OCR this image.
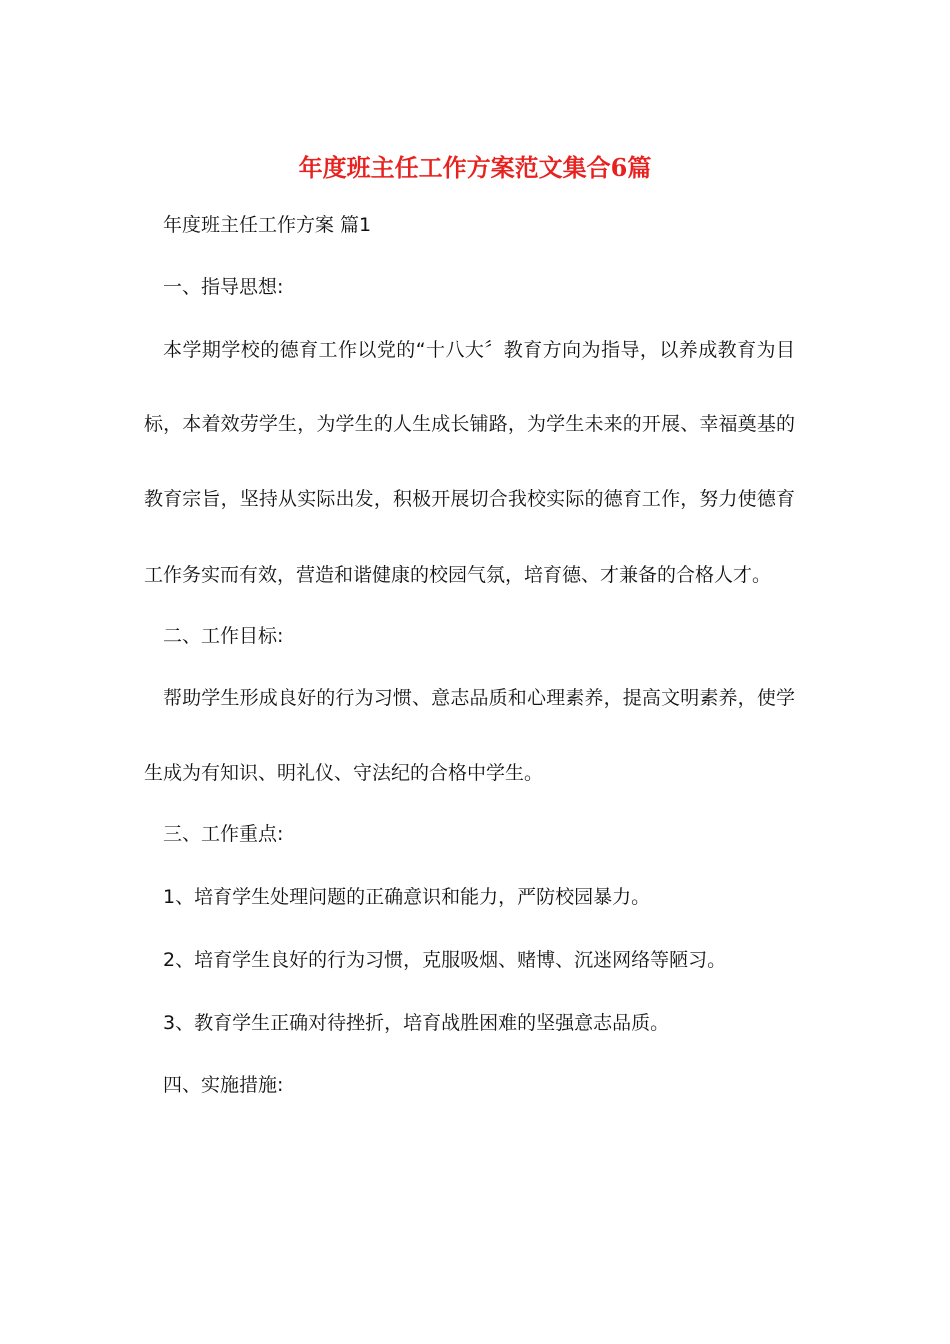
年度班主任工作方案范文集合6篇

年度班主任工作方案 篇1

一、指导思想:

本学期学校的德育工作以党的“十八大〞教育方向为指导，以养成教育为目

标，本着效劳学生，为学生的人生成长铺路，为学生未来的开展、幸福奠基的

教育宗旨，坚持从实际出发，积极开展切合我校实际的德育工作，努力使德育

工作务实而有效，营造和谐健康的校园气氛，培育德、才兼备的合格人才。

二、工作目标:

帮助学生形成良好的行为习惯、意志品质和心理素养，提高文明素养，使学

生成为有知识、明礼仪、守法纪的合格中学生。

三、工作重点:

1、培育学生处理问题的正确意识和能力，严防校园暴力。

2、培育学生良好的行为习惯，克服吸烟、赌博、沉迷网络等陋习。

3、教育学生正确对待挫折，培育战胜困难的坚强意志品质。

四、实施措施:
